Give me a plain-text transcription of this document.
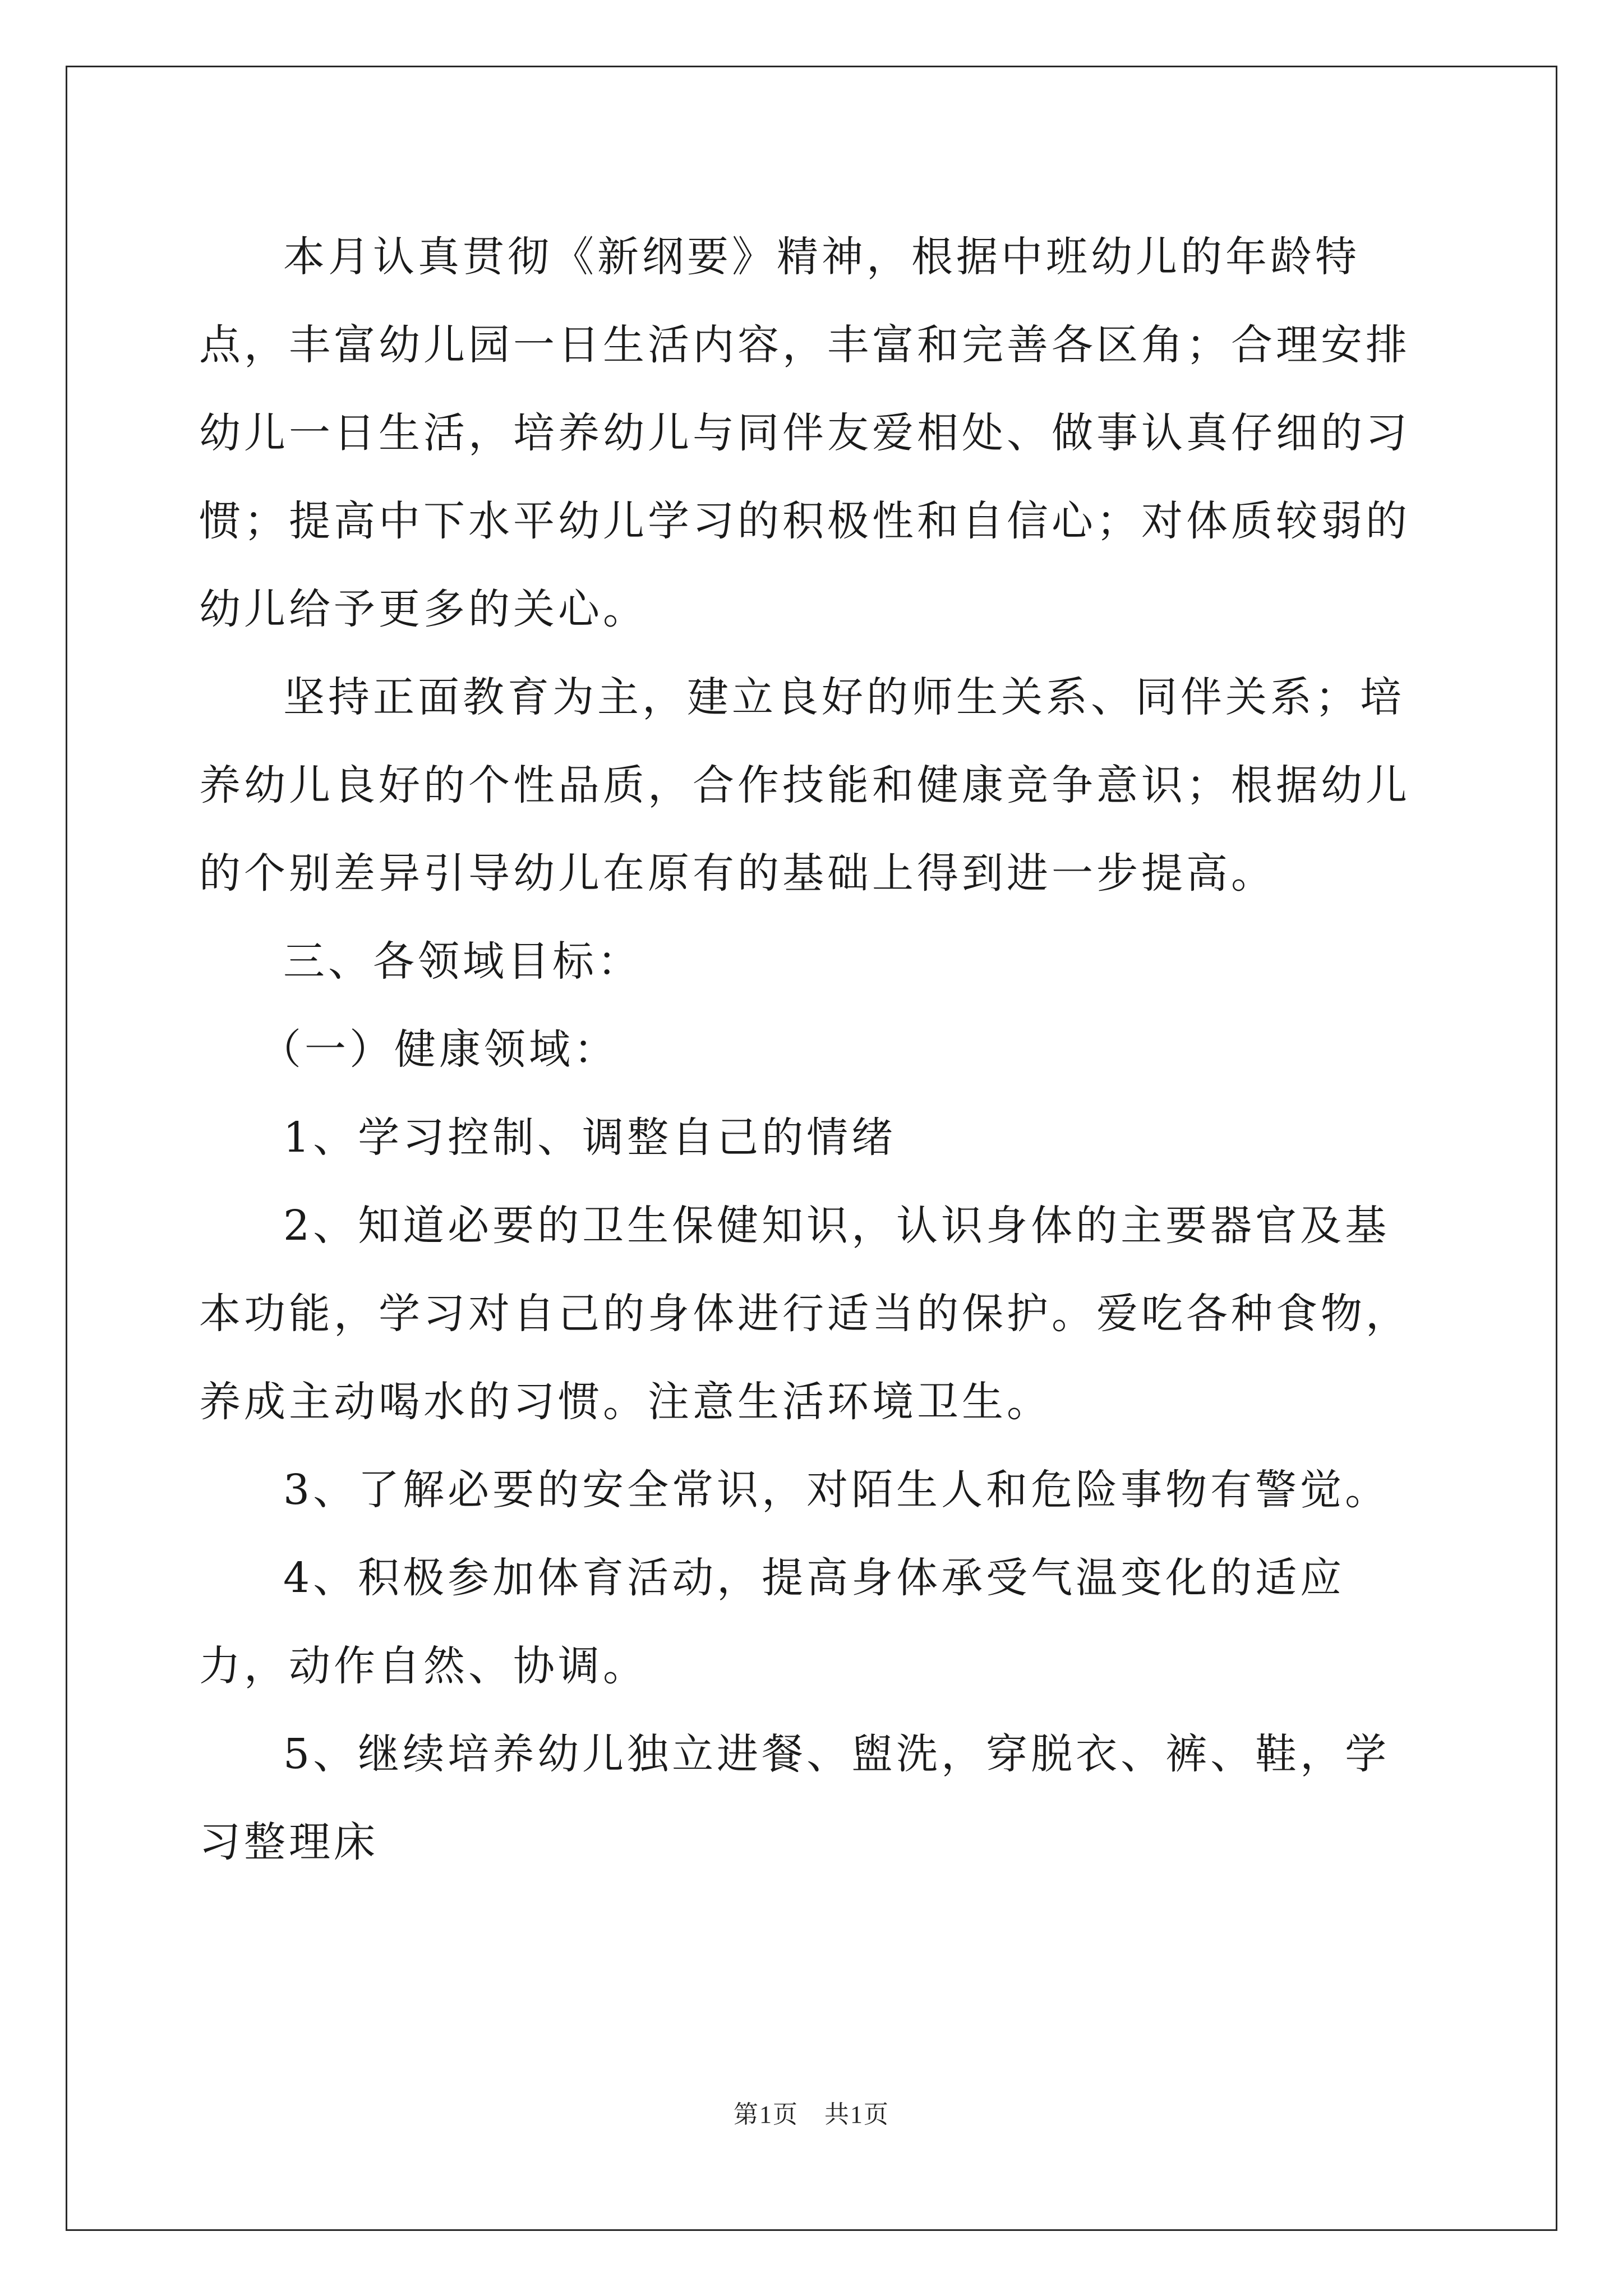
本月认真贯彻《新纲要》精神，根据中班幼儿的年龄特点，丰富幼儿园一日生活内容，丰富和完善各区角；合理安排幼儿一日生活，培养幼儿与同伴友爱相处、做事认真仔细的习惯；提高中下水平幼儿学习的积极性和自信心；对体质较弱的幼儿给予更多的关心。

坚持正面教育为主，建立良好的师生关系、同伴关系；培养幼儿良好的个性品质，合作技能和健康竞争意识；根据幼儿的个别差异引导幼儿在原有的基础上得到进一步提高。

三、各领域目标：

（一）健康领域：

1、学习控制、调整自己的情绪

2、知道必要的卫生保健知识，认识身体的主要器官及基本功能，学习对自己的身体进行适当的保护。爱吃各种食物，养成主动喝水的习惯。注意生活环境卫生。

3、了解必要的安全常识，对陌生人和危险事物有警觉。

4、积极参加体育活动，提高身体承受气温变化的适应力，动作自然、协调。

5、继续培养幼儿独立进餐、盥洗，穿脱衣、裤、鞋，学习整理床

第1页　共1页
